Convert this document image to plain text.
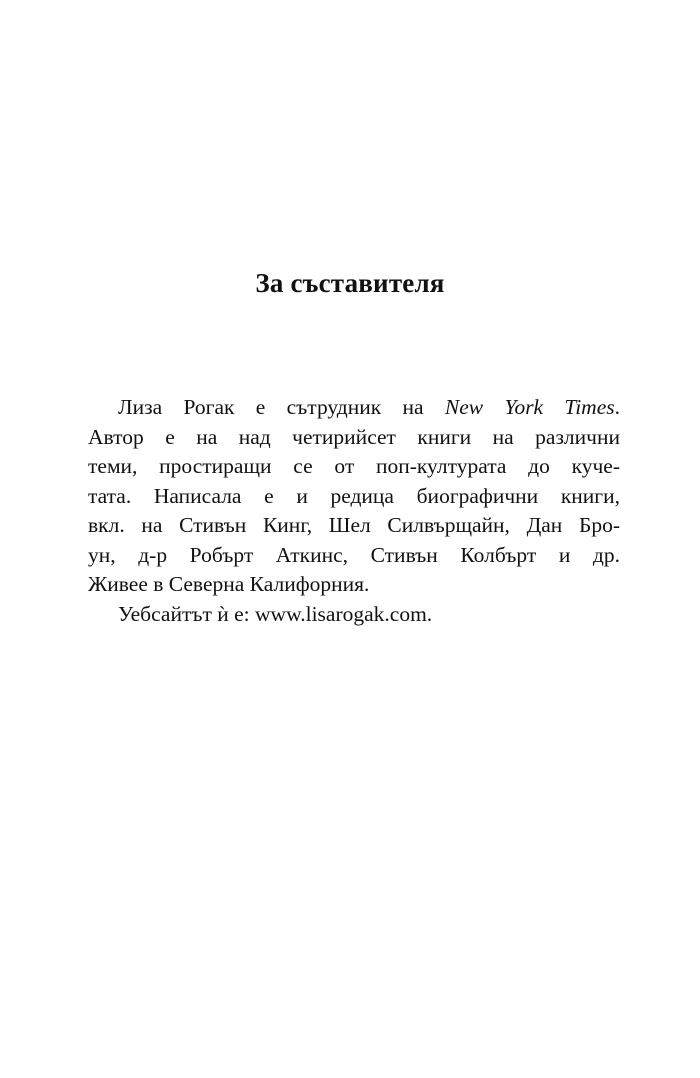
За съставителя
Лиза Рогак е сътрудник на New York Times.
Автор е на над четирийсет книги на различни
теми, простиращи се от поп-културата до куче-
тата. Написала е и редица биографични книги,
вкл. на Стивън Кинг, Шел Силвърщайн, Дан Бро-
ун, д-р Робърт Аткинс, Стивън Колбърт и др.
Живее в Северна Калифорния.
Уебсайтът ѝ е: www.lisarogak.com.
